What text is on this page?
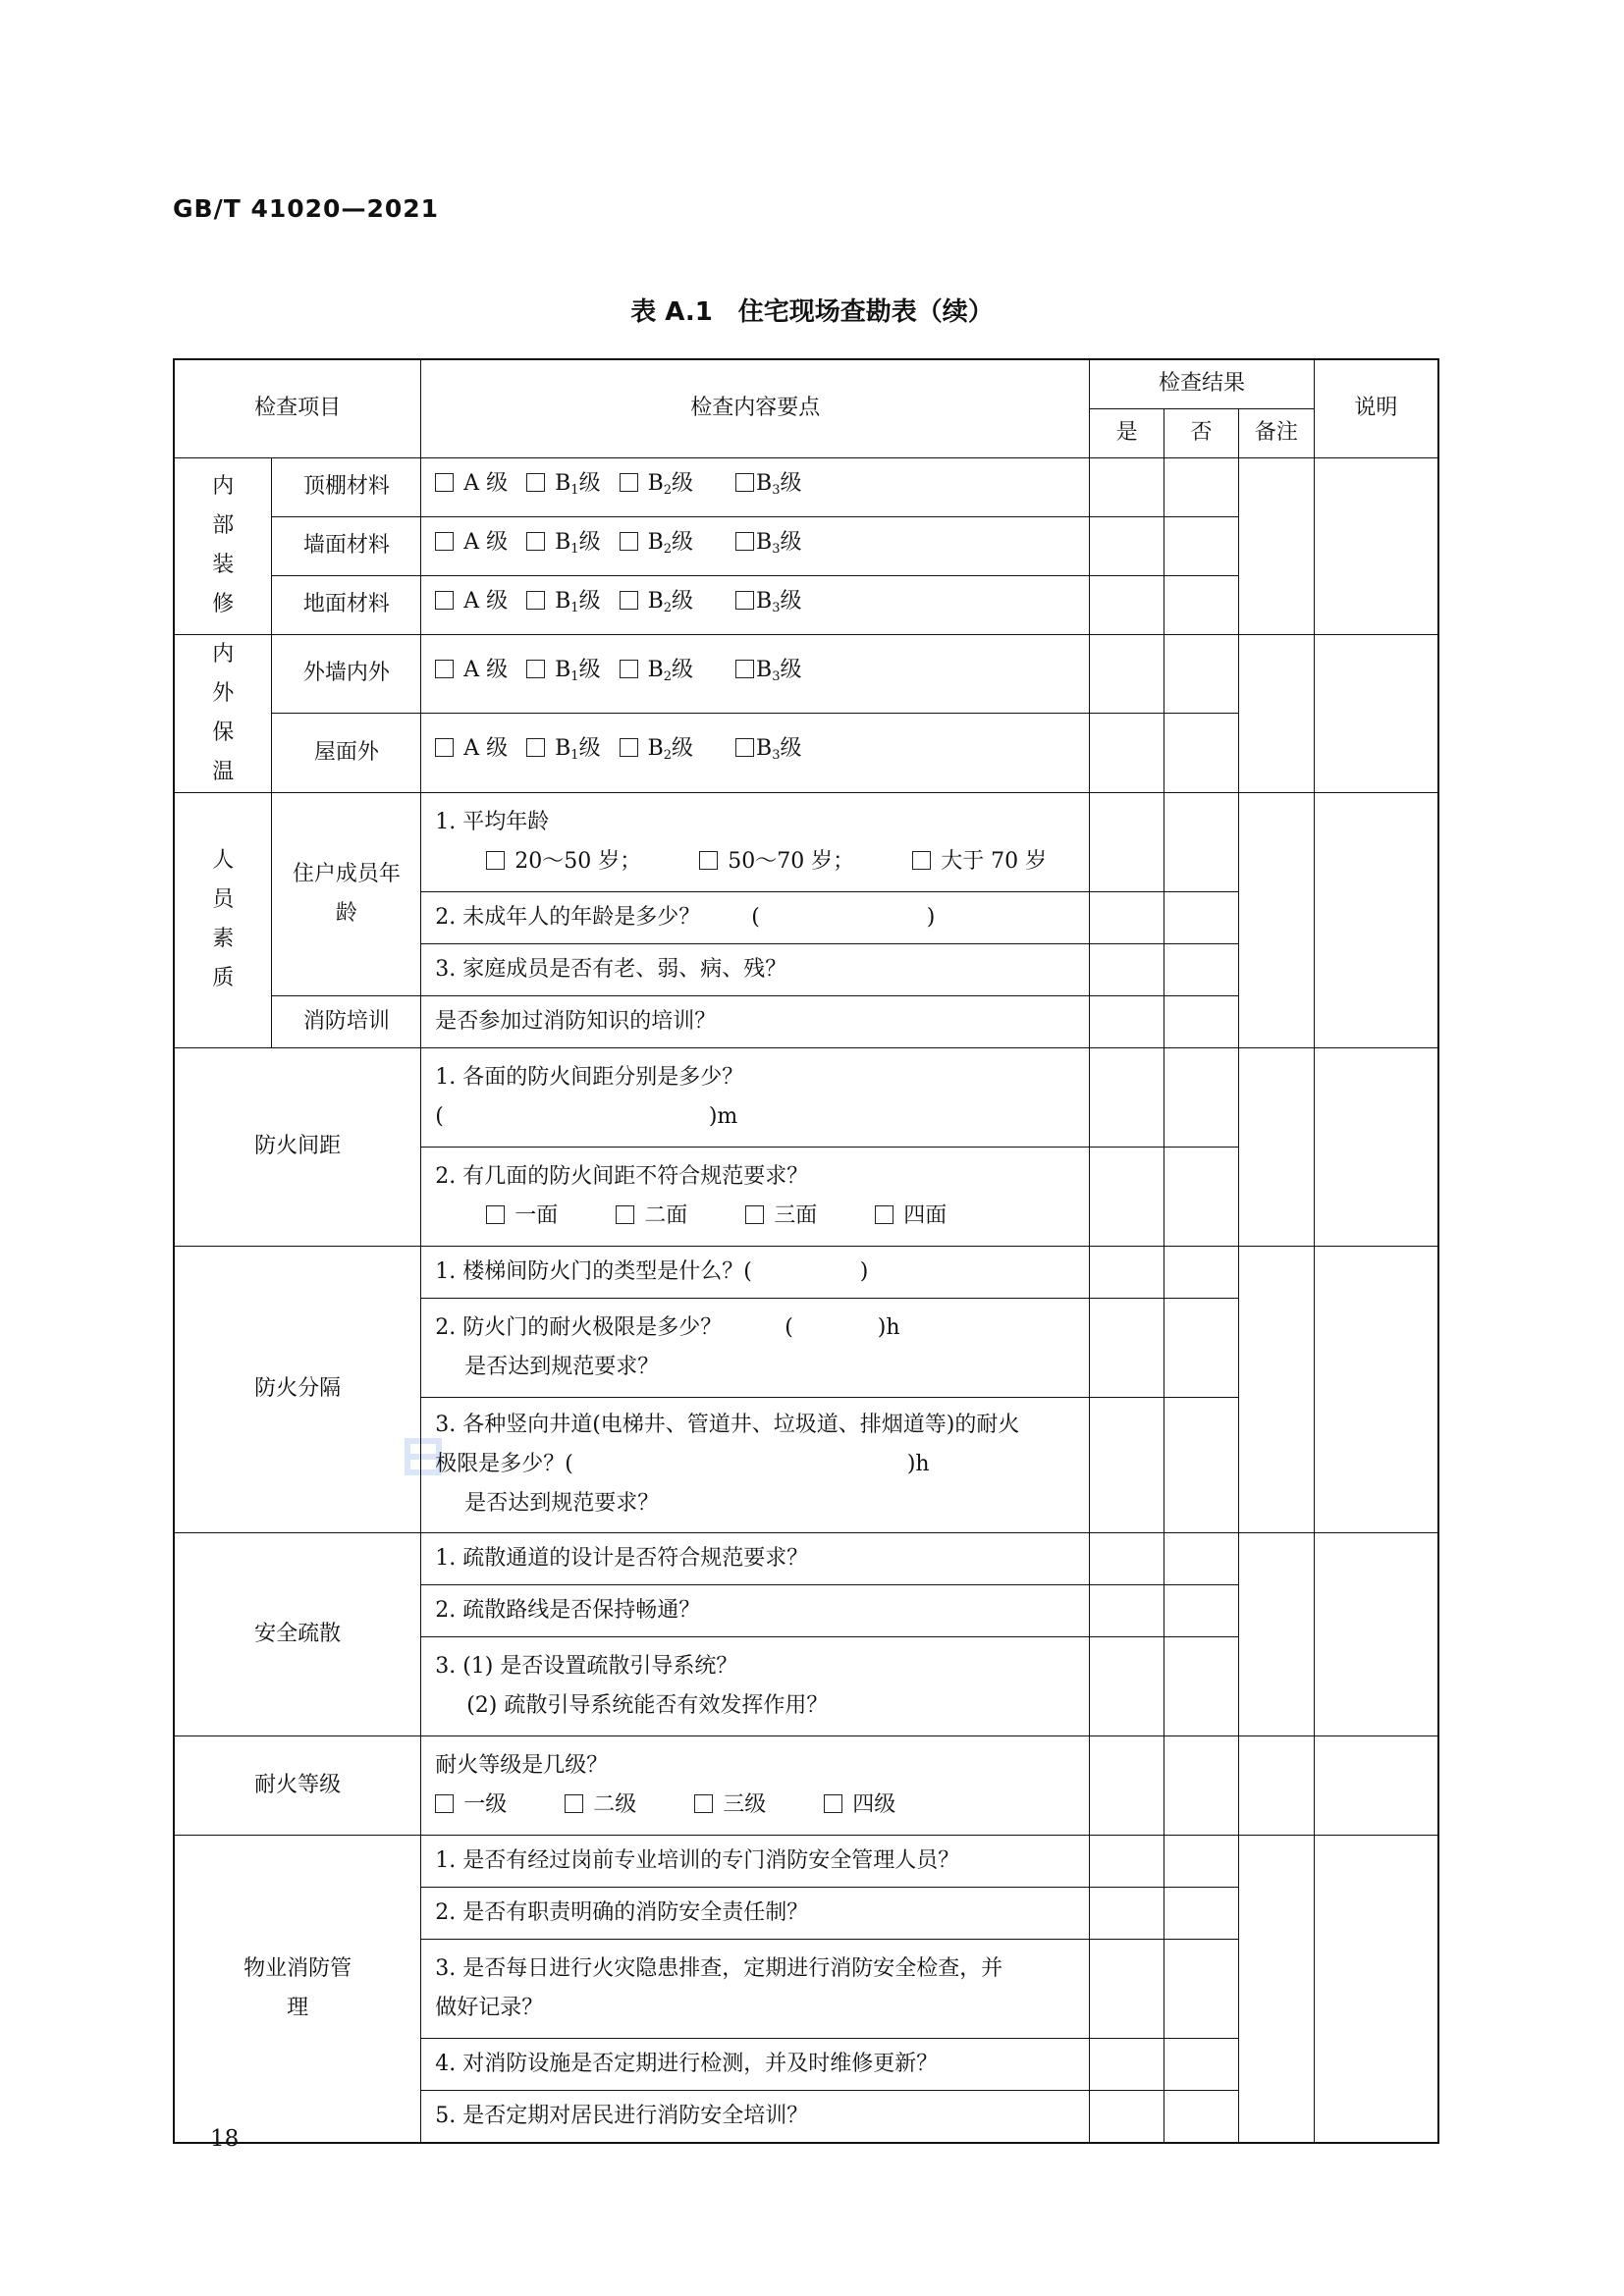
GB/T 41020—2021
表 A.1　住宅现场查勘表（续）
检查项目		检查内容要点	检查结果			说明
			是	否	备注	
内部装修	顶棚材料	A 级 $B_1$级 $B_2$级 $B_3$级				
	墙面材料	A 级 $B_1$级 $B_2$级 $B_3$级				
	地面材料	A 级 $B_1$级 $B_2$级 $B_3$级				
内外保温	外墙内外	A 级 $B_1$级 $B_2$级 $B_3$级				
	屋面外	A 级 $B_1$级 $B_2$级 $B_3$级				
人员素质	住户成员年龄	1. 平均年龄
20～50 岁； 50～70 岁； 大于 70 岁				

		2. 未成年人的年龄是多少？ ( )				
		3. 家庭成员是否有老、弱、病、残？				
	消防培训	是否参加过消防知识的培训？				
防火间距		1. 各面的防火间距分别是多少？
( )m				

		2. 有几面的防火间距不符合规范要求？
一面 二面 三面 四面				

防火分隔		1. 楼梯间防火门的类型是什么？( )				

		2. 防火门的耐火极限是多少？ ( )h
是否达到规范要求？				

		3. 各种竖向井道(电梯井、管道井、垃圾道、排烟道等)的耐火
极限是多少？( )h
是否达到规范要求？				

安全疏散		1. 疏散通道的设计是否符合规范要求？				
		2. 疏散路线是否保持畅通？				

		3. (1) 是否设置疏散引导系统？
(2) 疏散引导系统能否有效发挥作用？				

耐火等级		耐火等级是几级？
一级 二级 三级 四级				

物业消防管理		1. 是否有经过岗前专业培训的专门消防安全管理人员？				
		2. 是否有职责明确的消防安全责任制？				

		3. 是否每日进行火灾隐患排查，定期进行消防安全检查，并
做好记录？				

		4. 对消防设施是否定期进行检测，并及时维修更新？				
		5. 是否定期对居民进行消防安全培训？				
18
